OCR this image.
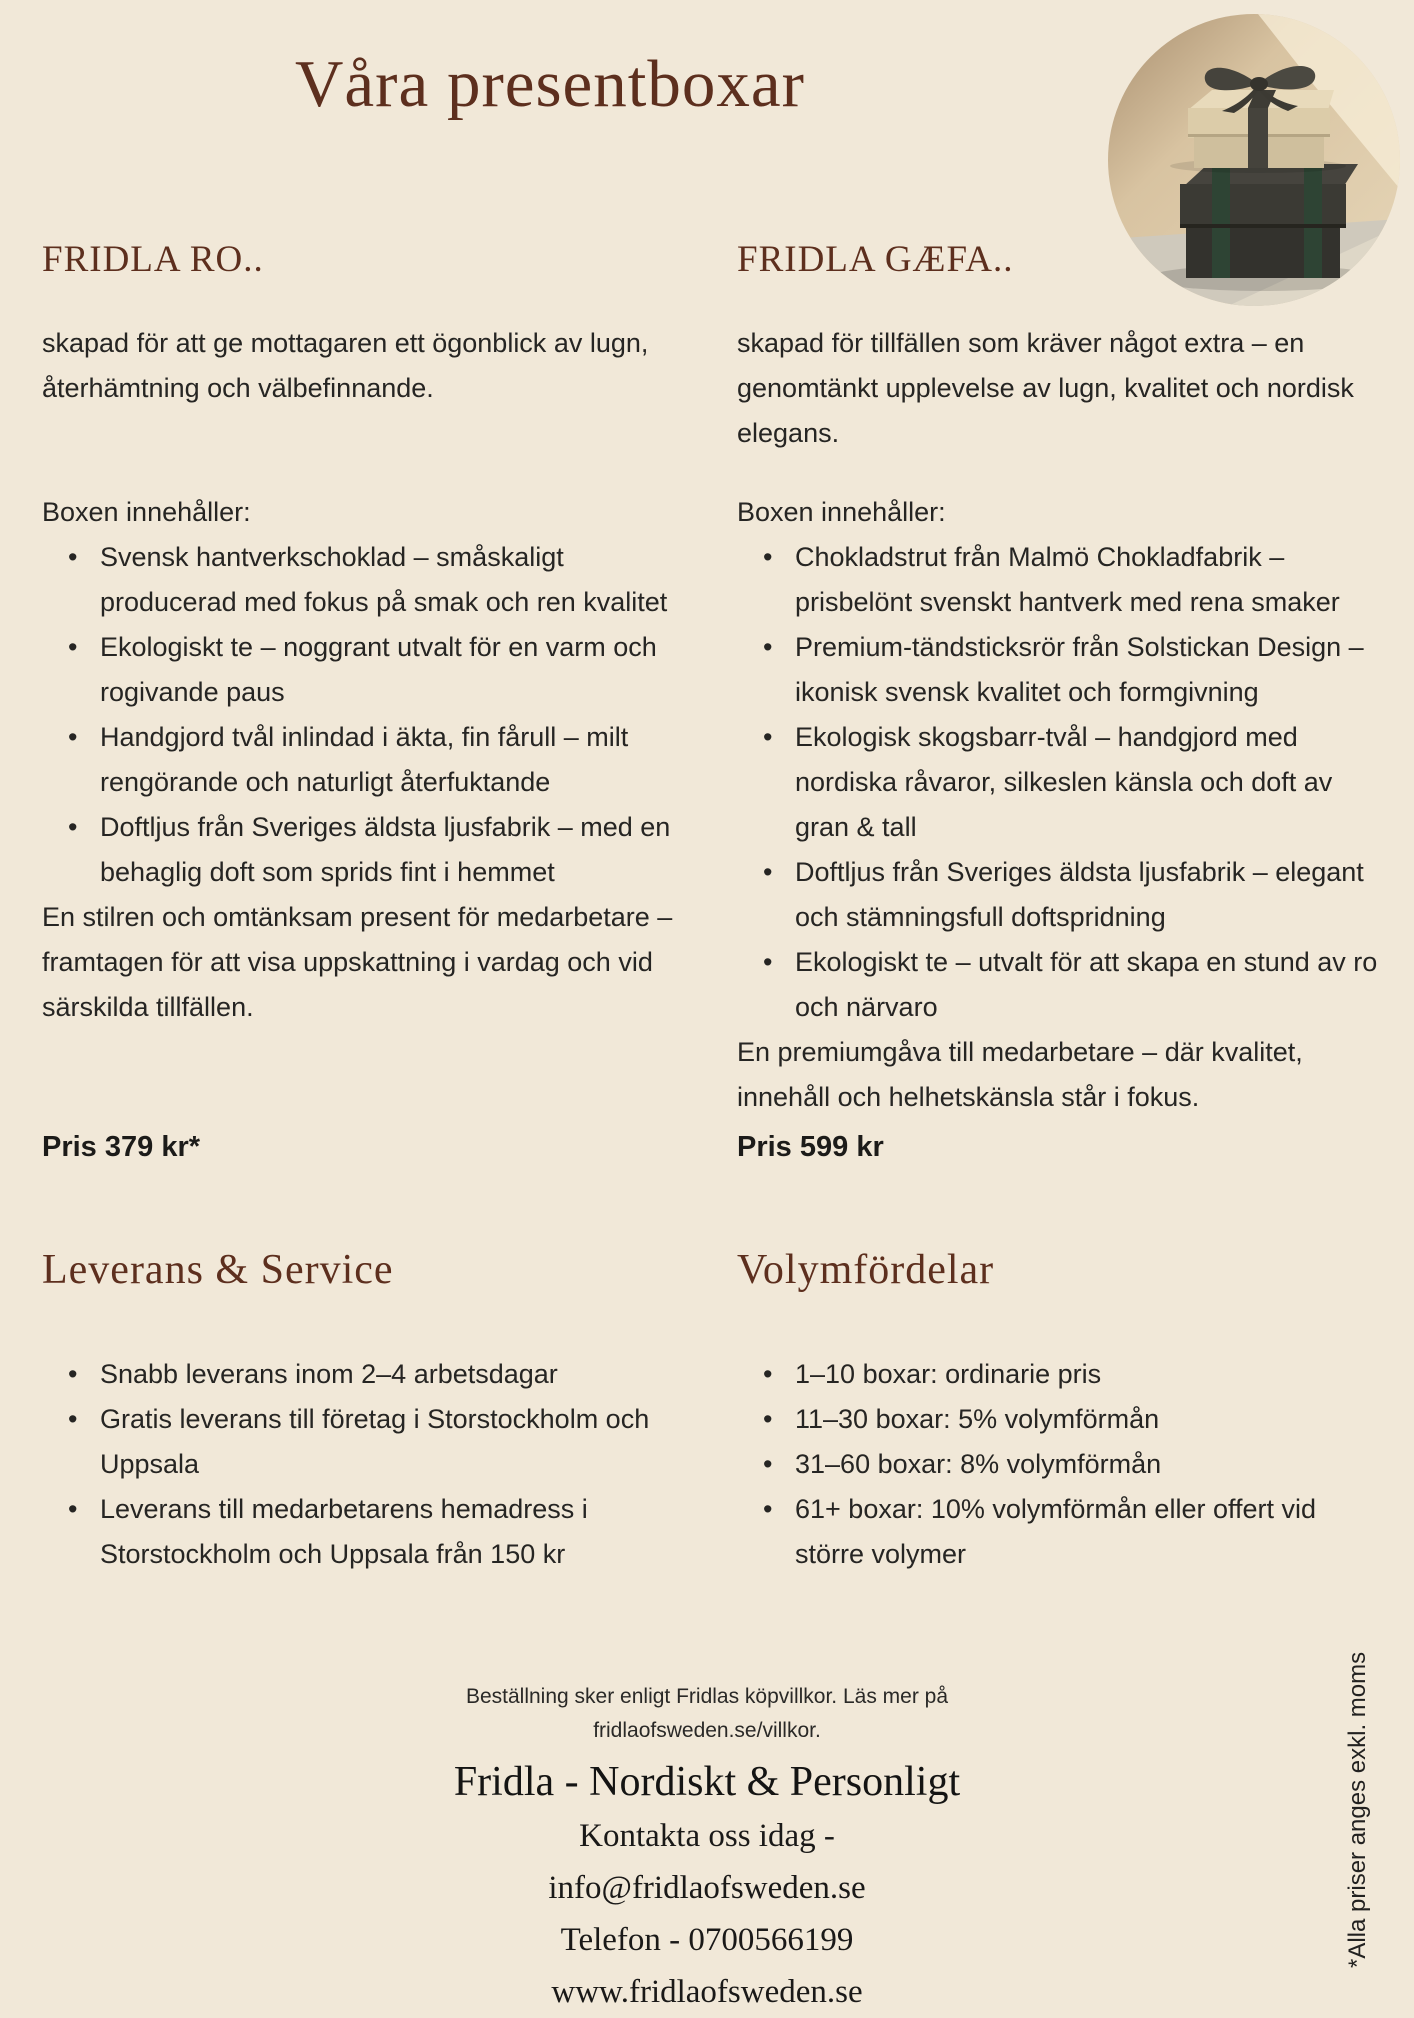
Våra presentboxar
FRIDLA RO..

skapad för att ge mottagaren ett ögonblick av lugn, återhämtning och välbefinnande.

Boxen innehåller:
• Svensk hantverkschoklad – småskaligt producerad med fokus på smak och ren kvalitet
• Ekologiskt te – noggrant utvalt för en varm och rogivande paus
• Handgjord tvål inlindad i äkta, fin fårull – milt rengörande och naturligt återfuktande
• Doftljus från Sveriges äldsta ljusfabrik – med en behaglig doft som sprids fint i hemmet

En stilren och omtänksam present för medarbetare – framtagen för att visa uppskattning i vardag och vid särskilda tillfällen.

Pris 379 kr*
FRIDLA GÆFA..

skapad för tillfällen som kräver något extra – en genomtänkt upplevelse av lugn, kvalitet och nordisk elegans.

Boxen innehåller:
• Chokladstrut från Malmö Chokladfabrik – prisbelönt svenskt hantverk med rena smaker
• Premium-tändsticksrör från Solstickan Design – ikonisk svensk kvalitet och formgivning
• Ekologisk skogsbarr-tvål – handgjord med nordiska råvaror, silkeslen känsla och doft av gran & tall
• Doftljus från Sveriges äldsta ljusfabrik – elegant och stämningsfull doftspridning
• Ekologiskt te – utvalt för att skapa en stund av ro och närvaro

En premiumgåva till medarbetare – där kvalitet, innehåll och helhetskänsla står i fokus.

Pris 599 kr
Leverans & Service
• Snabb leverans inom 2–4 arbetsdagar
• Gratis leverans till företag i Storstockholm och Uppsala
• Leverans till medarbetarens hemadress i Storstockholm och Uppsala från 150 kr
Volymfördelar
• 1–10 boxar: ordinarie pris
• 11–30 boxar: 5% volymförmån
• 31–60 boxar: 8% volymförmån
• 61+ boxar: 10% volymförmån eller offert vid större volymer
Beställning sker enligt Fridlas köpvillkor. Läs mer på
fridlaofsweden.se/villkor.
Fridla - Nordiskt & Personligt
Kontakta oss idag -
info@fridlaofsweden.se
Telefon - 0700566199
www.fridlaofsweden.se
*Alla priser anges exkl. moms
